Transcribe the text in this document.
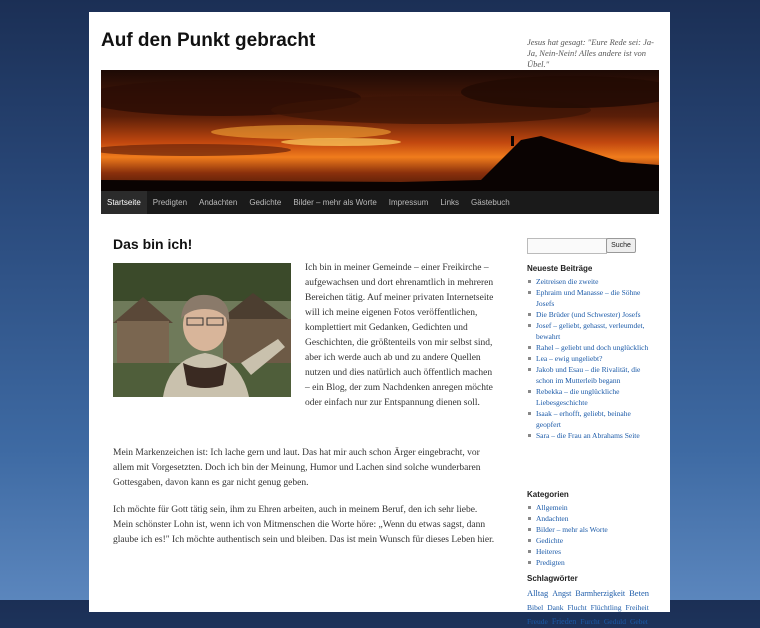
Auf den Punkt gebracht	Jesus hat gesagt: "Eure Rede sei: Ja-Ja, Nein-Nein! Alles andere ist von Übel."
Startseite	Predigten	Andachten	Gedichte	Bilder – mehr als Worte	Impressum	Links	Gästebuch
Das bin ich!
Ich bin in meiner Gemeinde – einer Freikirche – aufgewachsen und dort ehrenamtlich in mehreren Bereichen tätig. Auf meiner privaten Internetseite will ich meine eigenen Fotos veröffentlichen, komplettiert mit Gedanken, Gedichten und Geschichten, die größtenteils von mir selbst sind, aber ich werde auch ab und zu andere Quellen nutzen und dies natürlich auch öffentlich machen – ein Blog, der zum Nachdenken anregen möchte oder einfach nur zur Entspannung dienen soll.

Mein Markenzeichen ist: Ich lache gern und laut. Das hat mir auch schon Ärger eingebracht, vor allem mit Vorgesetzten. Doch ich bin der Meinung, Humor und Lachen sind solche wunderbaren Gottesgaben, davon kann es gar nicht genug geben.

Ich möchte für Gott tätig sein, ihm zu Ehren arbeiten, auch in meinem Beruf, den ich sehr liebe. Mein schönster Lohn ist, wenn ich von Mitmenschen die Worte höre: „Wenn du etwas sagst, dann glaube ich es!" Ich möchte authentisch sein und bleiben. Das ist mein Wunsch für dieses Leben hier.

Suche
Neueste Beiträge
Zeitreisen die zweite
Ephraim und Manasse – die Söhne Josefs
Die Brüder (und Schwester) Josefs
Josef – geliebt, gehasst, verleumdet, bewahrt
Rahel – geliebt und doch unglücklich
Lea – ewig ungeliebt?
Jakob und Esau – die Rivalität, die schon im Mutterleib begann
Rebekka – die unglückliche Liebesgeschichte
Isaak – erhofft, geliebt, beinahe geopfert
Sara – die Frau an Abrahams Seite
Kategorien
Allgemein
Andachten
Bilder – mehr als Worte
Gedichte
Heiteres
Predigten
Schlagwörter
Alltag Angst Barmherzigkeit Beten Bibel Dank Flucht Flüchtling Freiheit Freude Frieden Furcht Geduld Gebet
